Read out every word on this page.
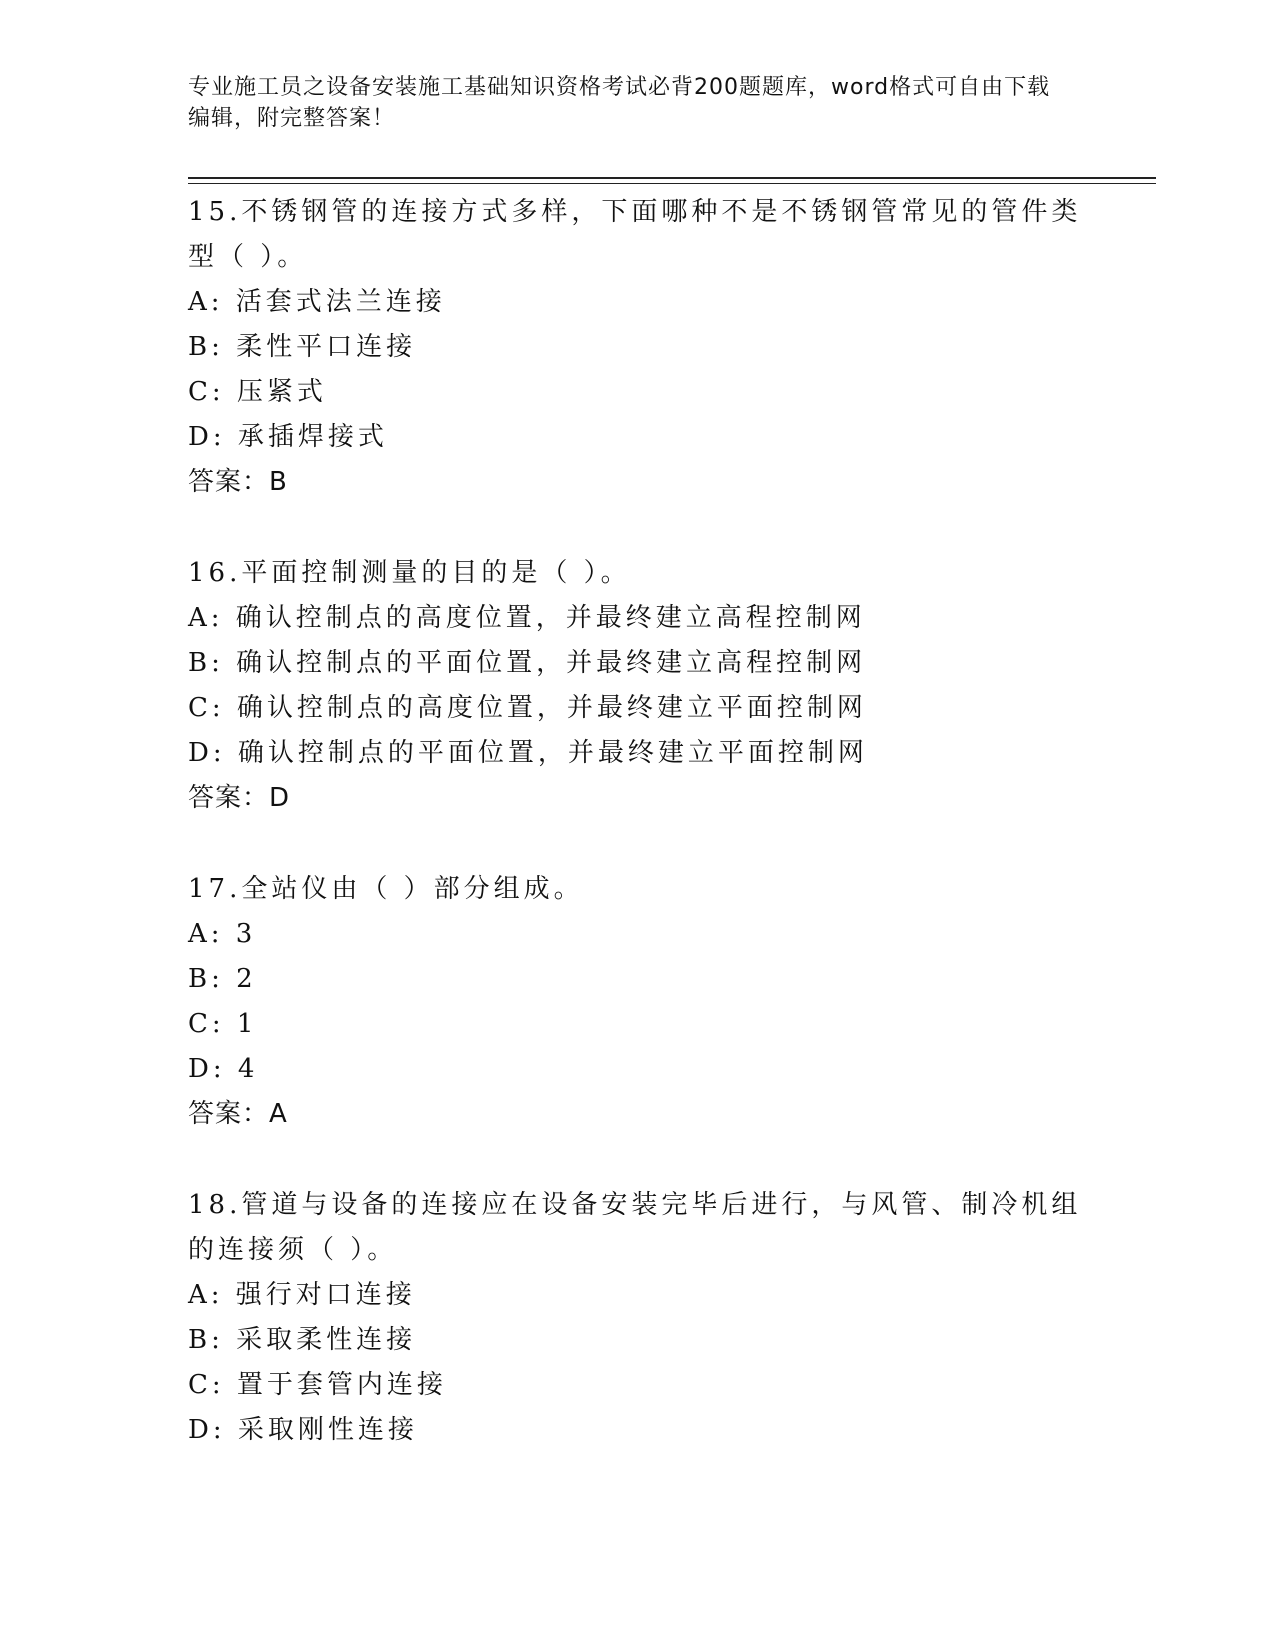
专业施工员之设备安装施工基础知识资格考试必背200题题库，word格式可自由下载编辑，附完整答案！
15.不锈钢管的连接方式多样，下面哪种不是不锈钢管常见的管件类型（ ）。
A: 活套式法兰连接
B: 柔性平口连接
C: 压紧式
D: 承插焊接式
答案：B
16.平面控制测量的目的是（ ）。
A: 确认控制点的高度位置，并最终建立高程控制网
B: 确认控制点的平面位置，并最终建立高程控制网
C: 确认控制点的高度位置，并最终建立平面控制网
D: 确认控制点的平面位置，并最终建立平面控制网
答案：D
17.全站仪由（ ）部分组成。
A: 3
B: 2
C: 1
D: 4
答案：A
18.管道与设备的连接应在设备安装完毕后进行，与风管、制冷机组的连接须（ ）。
A: 强行对口连接
B: 采取柔性连接
C: 置于套管内连接
D: 采取刚性连接
